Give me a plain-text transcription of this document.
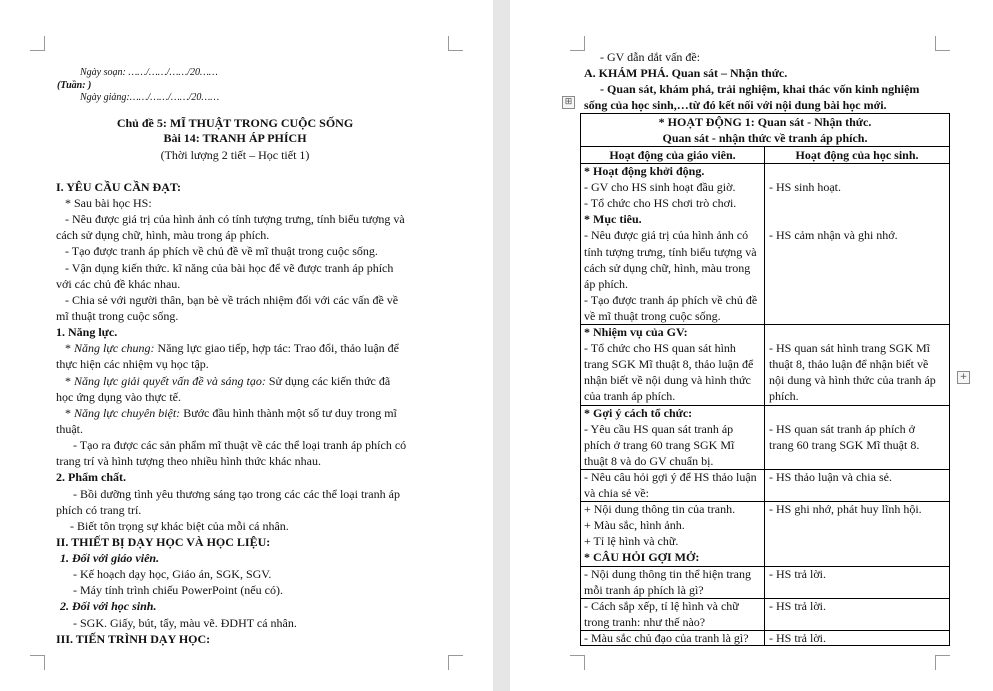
Ngày soạn: ……/……/……/20……
(Tuần: )
Ngày giảng:……/……/……/20……
Chủ đề 5: MĨ THUẬT TRONG CUỘC SỐNG
Bài 14: TRANH ÁP PHÍCH
(Thời lượng 2 tiết – Học tiết 1)
I. YÊU CẦU CẦN ĐẠT:
* Sau bài học HS:
- Nêu được giá trị của hình ảnh có tính tượng trưng, tính biểu tượng và
cách sử dụng chữ, hình, màu trong áp phích.
- Tạo được tranh áp phích về chủ đề về mĩ thuật trong cuộc sống.
- Vận dụng kiến thức. kĩ năng của bài học để vẽ được tranh áp phích
với các chủ đề khác nhau.
- Chia sẻ với người thân, bạn bè về trách nhiệm đối với các vấn đề về
mĩ thuật trong cuộc sống.
1. Năng lực.
* Năng lực chung: Năng lực giao tiếp, hợp tác: Trao đổi, thảo luận để
thực hiện các nhiệm vụ học tập.
* Năng lực giải quyết vấn đề và sáng tạo: Sử dụng các kiến thức đã
học ứng dụng vào thực tế.
* Năng lực chuyên biệt: Bước đầu hình thành một số tư duy trong mĩ
thuật.
- Tạo ra được các sản phẩm mĩ thuật về các thể loại tranh áp phích có
trang trí và hình tượng theo nhiều hình thức khác nhau.
2. Phẩm chất.
- Bồi dưỡng tình yêu thương sáng tạo trong các các thể loại tranh áp
phích có trang trí.
- Biết tôn trọng sự khác biệt của mỗi cá nhân.
II. THIẾT BỊ DẠY HỌC VÀ HỌC LIỆU:
1. Đối với giáo viên.
- Kế hoạch dạy học, Giáo án, SGK, SGV.
- Máy tính trình chiếu PowerPoint (nếu có).
2. Đối với học sinh.
- SGK. Giấy, bút, tẩy, màu vẽ. ĐDHT cá nhân.
III. TIẾN TRÌNH DẠY HỌC:
- GV dẫn dắt vấn đề:
A. KHÁM PHÁ. Quan sát – Nhận thức.
- Quan sát, khám phá, trải nghiệm, khai thác vốn kinh nghiệm
sống của học sinh,…từ đó kết nối với nội dung bài học mới.
⊞
+
* HOẠT ĐỘNG 1: Quan sát - Nhận thức.
Quan sát - nhận thức về tranh áp phích.
Hoạt động của giáo viên.	Hoạt động của học sinh.
* Hoạt động khởi động.
- GV cho HS sinh hoạt đầu giờ.
- Tổ chức cho HS chơi trò chơi.
* Mục tiêu.
- Nêu được giá trị của hình ảnh có
tính tượng trưng, tính biểu tượng và
cách sử dụng chữ, hình, màu trong
áp phích.
- Tạo được tranh áp phích về chủ đề
về mĩ thuật trong cuộc sống.
* Nhiệm vụ của GV:
- Tổ chức cho HS quan sát hình
trang SGK Mĩ thuật 8, thảo luận để
nhận biết về nội dung và hình thức
của tranh áp phích.
* Gợi ý cách tổ chức:
- Yêu cầu HS quan sát tranh áp
phích ở trang 60 trang SGK Mĩ
thuật 8 và do GV chuẩn bị.
- Nêu câu hỏi gợi ý để HS thảo luận
và chia sẻ về:
+ Nội dung thông tin của tranh.
+ Màu sắc, hình ảnh.
+ Tỉ lệ hình và chữ.
* CÂU HỎI GỢI MỞ:
- Nội dung thông tin thể hiện trang
mỗi tranh áp phích là gì?
- Cách sắp xếp, tỉ lệ hình và chữ
trong tranh: như thế nào?
- Màu sắc chủ đạo của tranh là gì?
- HS sinh hoạt.
- HS cảm nhận và ghi nhớ.
- HS quan sát hình trang SGK Mĩ
thuật 8, thảo luận để nhận biết về
nội dung và hình thức của tranh áp
phích.
- HS quan sát tranh áp phích ở
trang 60 trang SGK Mĩ thuật 8.
- HS thảo luận và chia sẻ.
- HS ghi nhớ, phát huy lĩnh hội.
- HS trả lời.
- HS trả lời.
- HS trả lời.
